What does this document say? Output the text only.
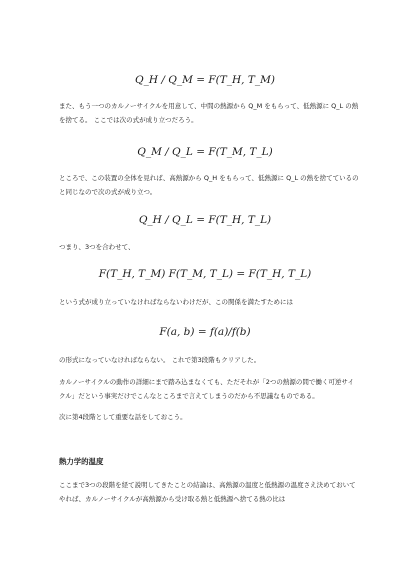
Q_H / Q_M = F(T_H, T_M)

また、もう一つのカルノーサイクルを用意して、中間の熱源から Q_M をもらって、低熱源に Q_L の熱を捨てる。 ここでは次の式が成り立つだろう。

Q_M / Q_L = F(T_M, T_L)

ところで、この装置の全体を見れば、高熱源から Q_H をもらって、低熱源に Q_L の熱を捨てているのと同じなので次の式が成り立つ。

Q_H / Q_L = F(T_H, T_L)

つまり、3つを合わせて、

F(T_H, T_M) F(T_M, T_L) = F(T_H, T_L)

という式が成り立っていなければならないわけだが、この関係を満たすためには

F(a, b) = f(a)/f(b)

の形式になっていなければならない。 これで第3段階もクリアした。

カルノーサイクルの動作の詳細にまで踏み込まなくても、ただそれが「2つの熱源の間で働く可逆サイクル」だという事実だけでこんなところまで言えてしまうのだから不思議なものである。

次に第4段階として重要な話をしておこう。

熱力学的温度

ここまで3つの段階を経て説明してきたことの結論は、高熱源の温度と低熱源の温度さえ決めておいてやれば、カルノーサイクルが高熱源から受け取る熱と低熱源へ捨てる熱の比は
